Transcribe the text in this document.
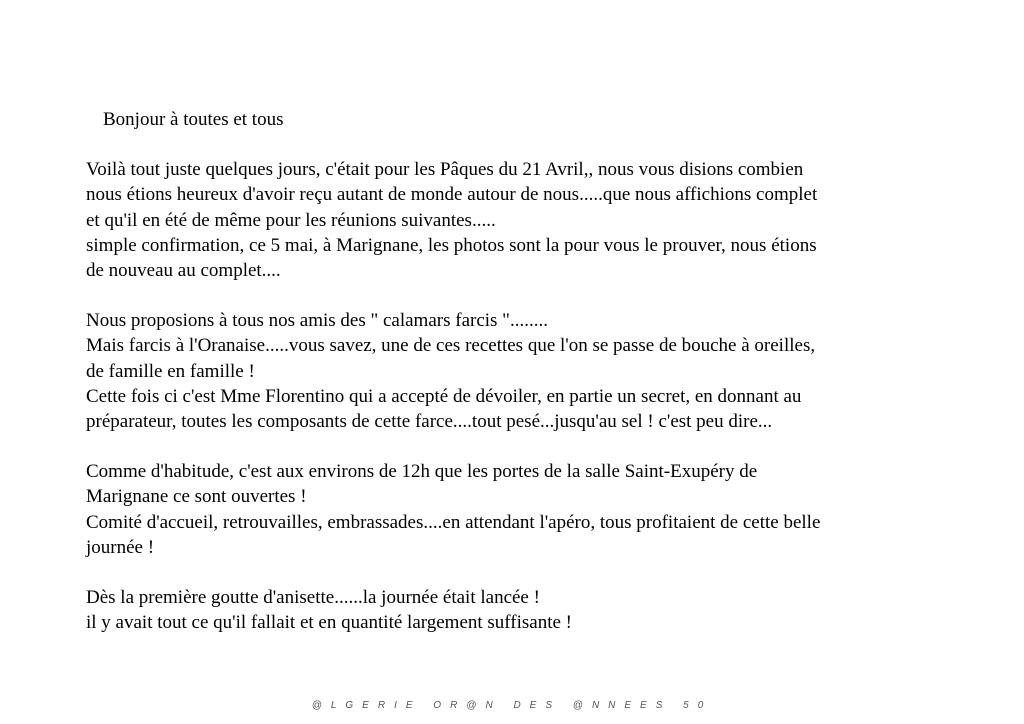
Bonjour à toutes et tous

Voilà tout juste quelques jours, c'était pour les Pâques du 21 Avril,, nous vous disions combien
nous étions heureux d'avoir reçu autant de monde autour de nous.....que nous affichions complet
et qu'il en été de même pour les réunions suivantes.....
simple confirmation, ce 5 mai, à Marignane, les photos sont la pour vous le prouver, nous étions
de nouveau au complet....

Nous proposions à tous nos amis des " calamars farcis "........
Mais farcis à l'Oranaise.....vous savez, une de ces recettes que l'on se passe de bouche à oreilles,
de famille en famille !
Cette fois ci c'est Mme Florentino qui a accepté de dévoiler, en partie un secret, en donnant au
préparateur, toutes les composants de cette farce....tout pesé...jusqu'au sel ! c'est peu dire...

Comme d'habitude, c'est aux environs de 12h que les portes de la salle Saint-Exupéry de
Marignane ce sont ouvertes !
Comité d'accueil, retrouvailles, embrassades....en attendant l'apéro, tous profitaient de cette belle
journée !

Dès la première goutte d'anisette......la journée était lancée !
il y avait tout ce qu'il fallait et en quantité largement suffisante !

@LGERIE OR@N DES @NNEES 50
